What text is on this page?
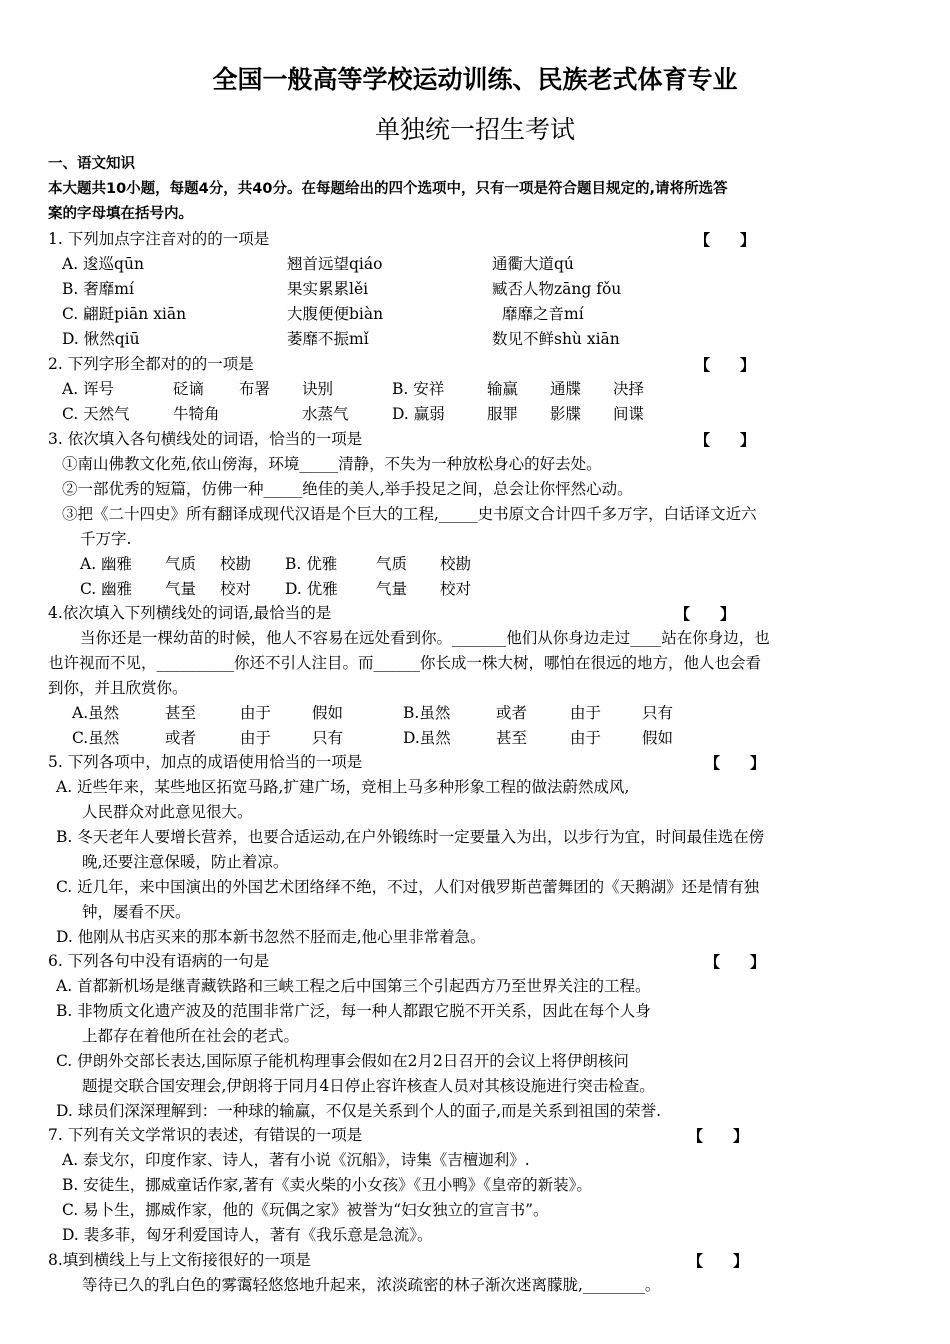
全国一般高等学校运动训练、民族老式体育专业
单独统一招生考试
一、语文知识
本大题共10小题，每题4分，共40分。在每题给出的四个选项中，只有一项是符合题目规定的,请将所选答
案的字母填在括号内。
1. 下列加点字注音对的的一项是	【　　】
A. 逡巡qūn	翘首远望qiáo	通衢大道qú
B. 奢靡mí	果实累累lěi	臧否人物zāng fǒu
C. 翩跹piān xiān	大腹便便biàn	靡靡之音mí
D. 愀然qiū	萎靡不振mǐ	数见不鲜shù xiān
2. 下列字形全都对的的一项是	【　　】
A. 诨号	砭谪 布署 诀别	B. 安祥	输赢 通牒 决择
C. 天然气	牛犄角	水蒸气	D. 赢弱	服罪 影牒 间谍
3. 依次填入各句横线处的词语，恰当的一项是	【　　】
①南山佛教文化苑,依山傍海，环境_____清静，不失为一种放松身心的好去处。
②一部优秀的短篇，仿佛一种_____绝佳的美人,举手投足之间，总会让你怦然心动。
③把《二十四史》所有翻译成现代汉语是个巨大的工程,_____史书原文合计四千多万字，白话译文近六
千万字.
A. 幽雅 气质 校勘 B. 优雅	气质 校勘
C. 幽雅 气量 校对 D. 优雅 气量 校对
4.依次填入下列横线处的词语,最恰当的是	【　　】
当你还是一棵幼苗的时候，他人不容易在远处看到你。_______他们从你身边走过____站在你身边，也
也许视而不见，__________你还不引人注目。而______你长成一株大树，哪怕在很远的地方，他人也会看
到你，并且欣赏你。
A.虽然	甚至	由于	假如	B.虽然	或者	由于	只有
C.虽然	或者	由于	只有	D.虽然	甚至	由于	假如
5. 下列各项中，加点的成语使用恰当的一项是	【　　】
A. 近些年来，某些地区拓宽马路,扩建广场，竞相上马多种形象工程的做法蔚然成风,
人民群众对此意见很大。
B. 冬天老年人要增长营养，也要合适运动,在户外锻练时一定要量入为出，以步行为宜，时间最佳选在傍
晚,还要注意保暖，防止着凉。
C. 近几年，来中国演出的外国艺术团络绎不绝，不过，人们对俄罗斯芭蕾舞团的《天鹅湖》还是情有独
钟，屡看不厌。
D. 他刚从书店买来的那本新书忽然不胫而走,他心里非常着急。
6. 下列各句中没有语病的一句是	【　　】
A. 首都新机场是继青藏铁路和三峡工程之后中国第三个引起西方乃至世界关注的工程。
B. 非物质文化遗产波及的范围非常广泛，每一种人都跟它脱不开关系，因此在每个人身
上都存在着他所在社会的老式。
C. 伊朗外交部长表达,国际原子能机构理事会假如在2月2日召开的会议上将伊朗核问
题提交联合国安理会,伊朗将于同月4日停止容许核查人员对其核设施进行突击检查。
D. 球员们深深理解到：一种球的输赢，不仅是关系到个人的面子,而是关系到祖国的荣誉.
7. 下列有关文学常识的表述，有错误的一项是	【　　】
A. 泰戈尔，印度作家、诗人，著有小说《沉船》，诗集《吉檀迦利》.
B. 安徒生，挪威童话作家,著有《卖火柴的小女孩》《丑小鸭》《皇帝的新装》。
C. 易卜生，挪威作家，他的《玩偶之家》被誉为“妇女独立的宣言书”。
D. 裴多菲，匈牙利爱国诗人，著有《我乐意是急流》。
8.填到横线上与上文衔接很好的一项是	【　　】
等待已久的乳白色的雾霭轻悠悠地升起来，浓淡疏密的林子渐次迷离朦胧,________。
